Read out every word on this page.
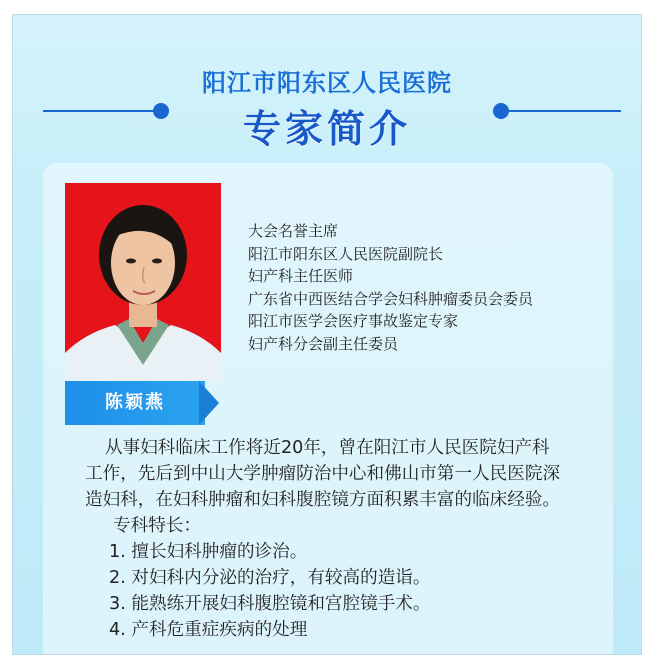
阳江市阳东区人民医院
专家简介
陈颖燕
大会名誉主席
阳江市阳东区人民医院副院长
妇产科主任医师
广东省中西医结合学会妇科肿瘤委员会委员
阳江市医学会医疗事故鉴定专家
妇产科分会副主任委员
从事妇科临床工作将近20年，曾在阳江市人民医院妇产科
工作，先后到中山大学肿瘤防治中心和佛山市第一人民医院深
造妇科，在妇科肿瘤和妇科腹腔镜方面积累丰富的临床经验。
专科特长：
1. 擅长妇科肿瘤的诊治。
2. 对妇科内分泌的治疗，有较高的造诣。
3. 能熟练开展妇科腹腔镜和宫腔镜手术。
4. 产科危重症疾病的处理
